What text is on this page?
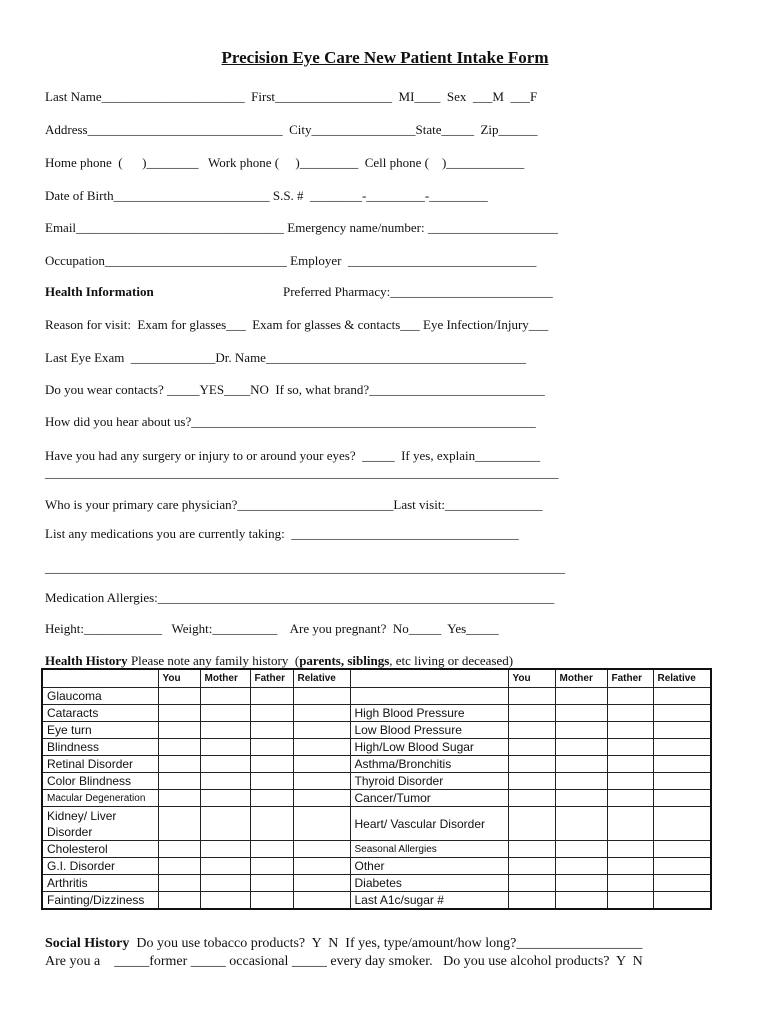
Precision Eye Care New Patient Intake Form
Last Name______________________  First__________________  MI____  Sex  ___M  ___F
Address______________________________  City________________State_____  Zip______
Home phone  (      )________   Work phone (     )_________  Cell phone (    )____________
Date of Birth________________________ S.S. #  ________-_________-_________
Email________________________________ Emergency name/number: ____________________
Occupation____________________________ Employer  _____________________________
Health Information	Preferred Pharmacy:_________________________
Reason for visit:  Exam for glasses___  Exam for glasses & contacts___ Eye Infection/Injury___
Last Eye Exam  _____________Dr. Name________________________________________
Do you wear contacts? _____YES____NO  If so, what brand?___________________________
How did you hear about us?_____________________________________________________
Have you had any surgery or injury to or around your eyes?  _____  If yes, explain__________
_______________________________________________________________________________
Who is your primary care physician?________________________Last visit:_______________
List any medications you are currently taking:  ___________________________________
________________________________________________________________________________
Medication Allergies:_____________________________________________________________
Height:____________   Weight:__________    Are you pregnant?  No_____  Yes_____
Health History Please note any family history  (parents, siblings, etc living or deceased)
	You	Mother	Father	Relative		You	Mother	Father	Relative
Glaucoma									
Cataracts					High Blood Pressure				
Eye turn					Low Blood Pressure				
Blindness					High/Low Blood Sugar				
Retinal Disorder					Asthma/Bronchitis				
Color Blindness					Thyroid Disorder				
Macular Degeneration					Cancer/Tumor				
Kidney/ Liver Disorder					Heart/ Vascular Disorder				
Cholesterol					Seasonal Allergies				
G.I. Disorder					Other				
Arthritis					Diabetes				
Fainting/Dizziness					Last A1c/sugar #				
Social History  Do you use tobacco products?  Y  N  If yes, type/amount/how long?__________________
Are you a    _____former _____ occasional _____ every day smoker.   Do you use alcohol products?  Y  N
